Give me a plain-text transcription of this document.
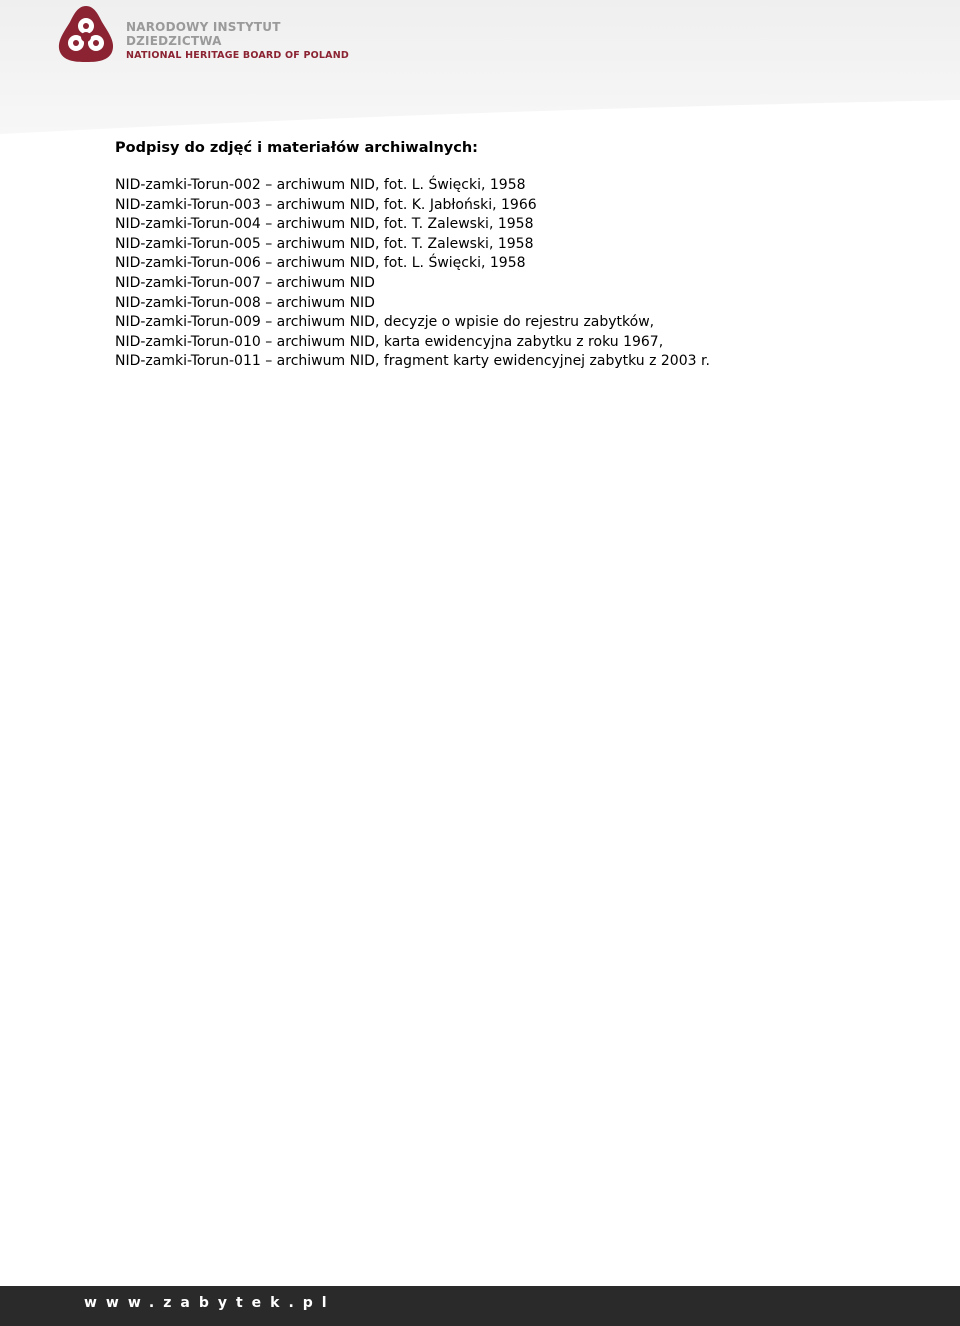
NARODOWY INSTYTUT
DZIEDZICTWA
NATIONAL HERITAGE BOARD OF POLAND

Podpisy do zdjęć i materiałów archiwalnych:

NID-zamki-Torun-002 – archiwum NID, fot. L. Święcki, 1958
NID-zamki-Torun-003 – archiwum NID, fot. K. Jabłoński, 1966
NID-zamki-Torun-004 – archiwum NID, fot. T. Zalewski, 1958
NID-zamki-Torun-005 – archiwum NID, fot. T. Zalewski, 1958
NID-zamki-Torun-006 – archiwum NID, fot. L. Święcki, 1958
NID-zamki-Torun-007 – archiwum NID
NID-zamki-Torun-008 – archiwum NID
NID-zamki-Torun-009 – archiwum NID, decyzje o wpisie do rejestru zabytków,
NID-zamki-Torun-010 – archiwum NID, karta ewidencyjna zabytku z roku 1967,
NID-zamki-Torun-011 – archiwum NID, fragment karty ewidencyjnej zabytku z 2003 r.
www.zabytek.pl
